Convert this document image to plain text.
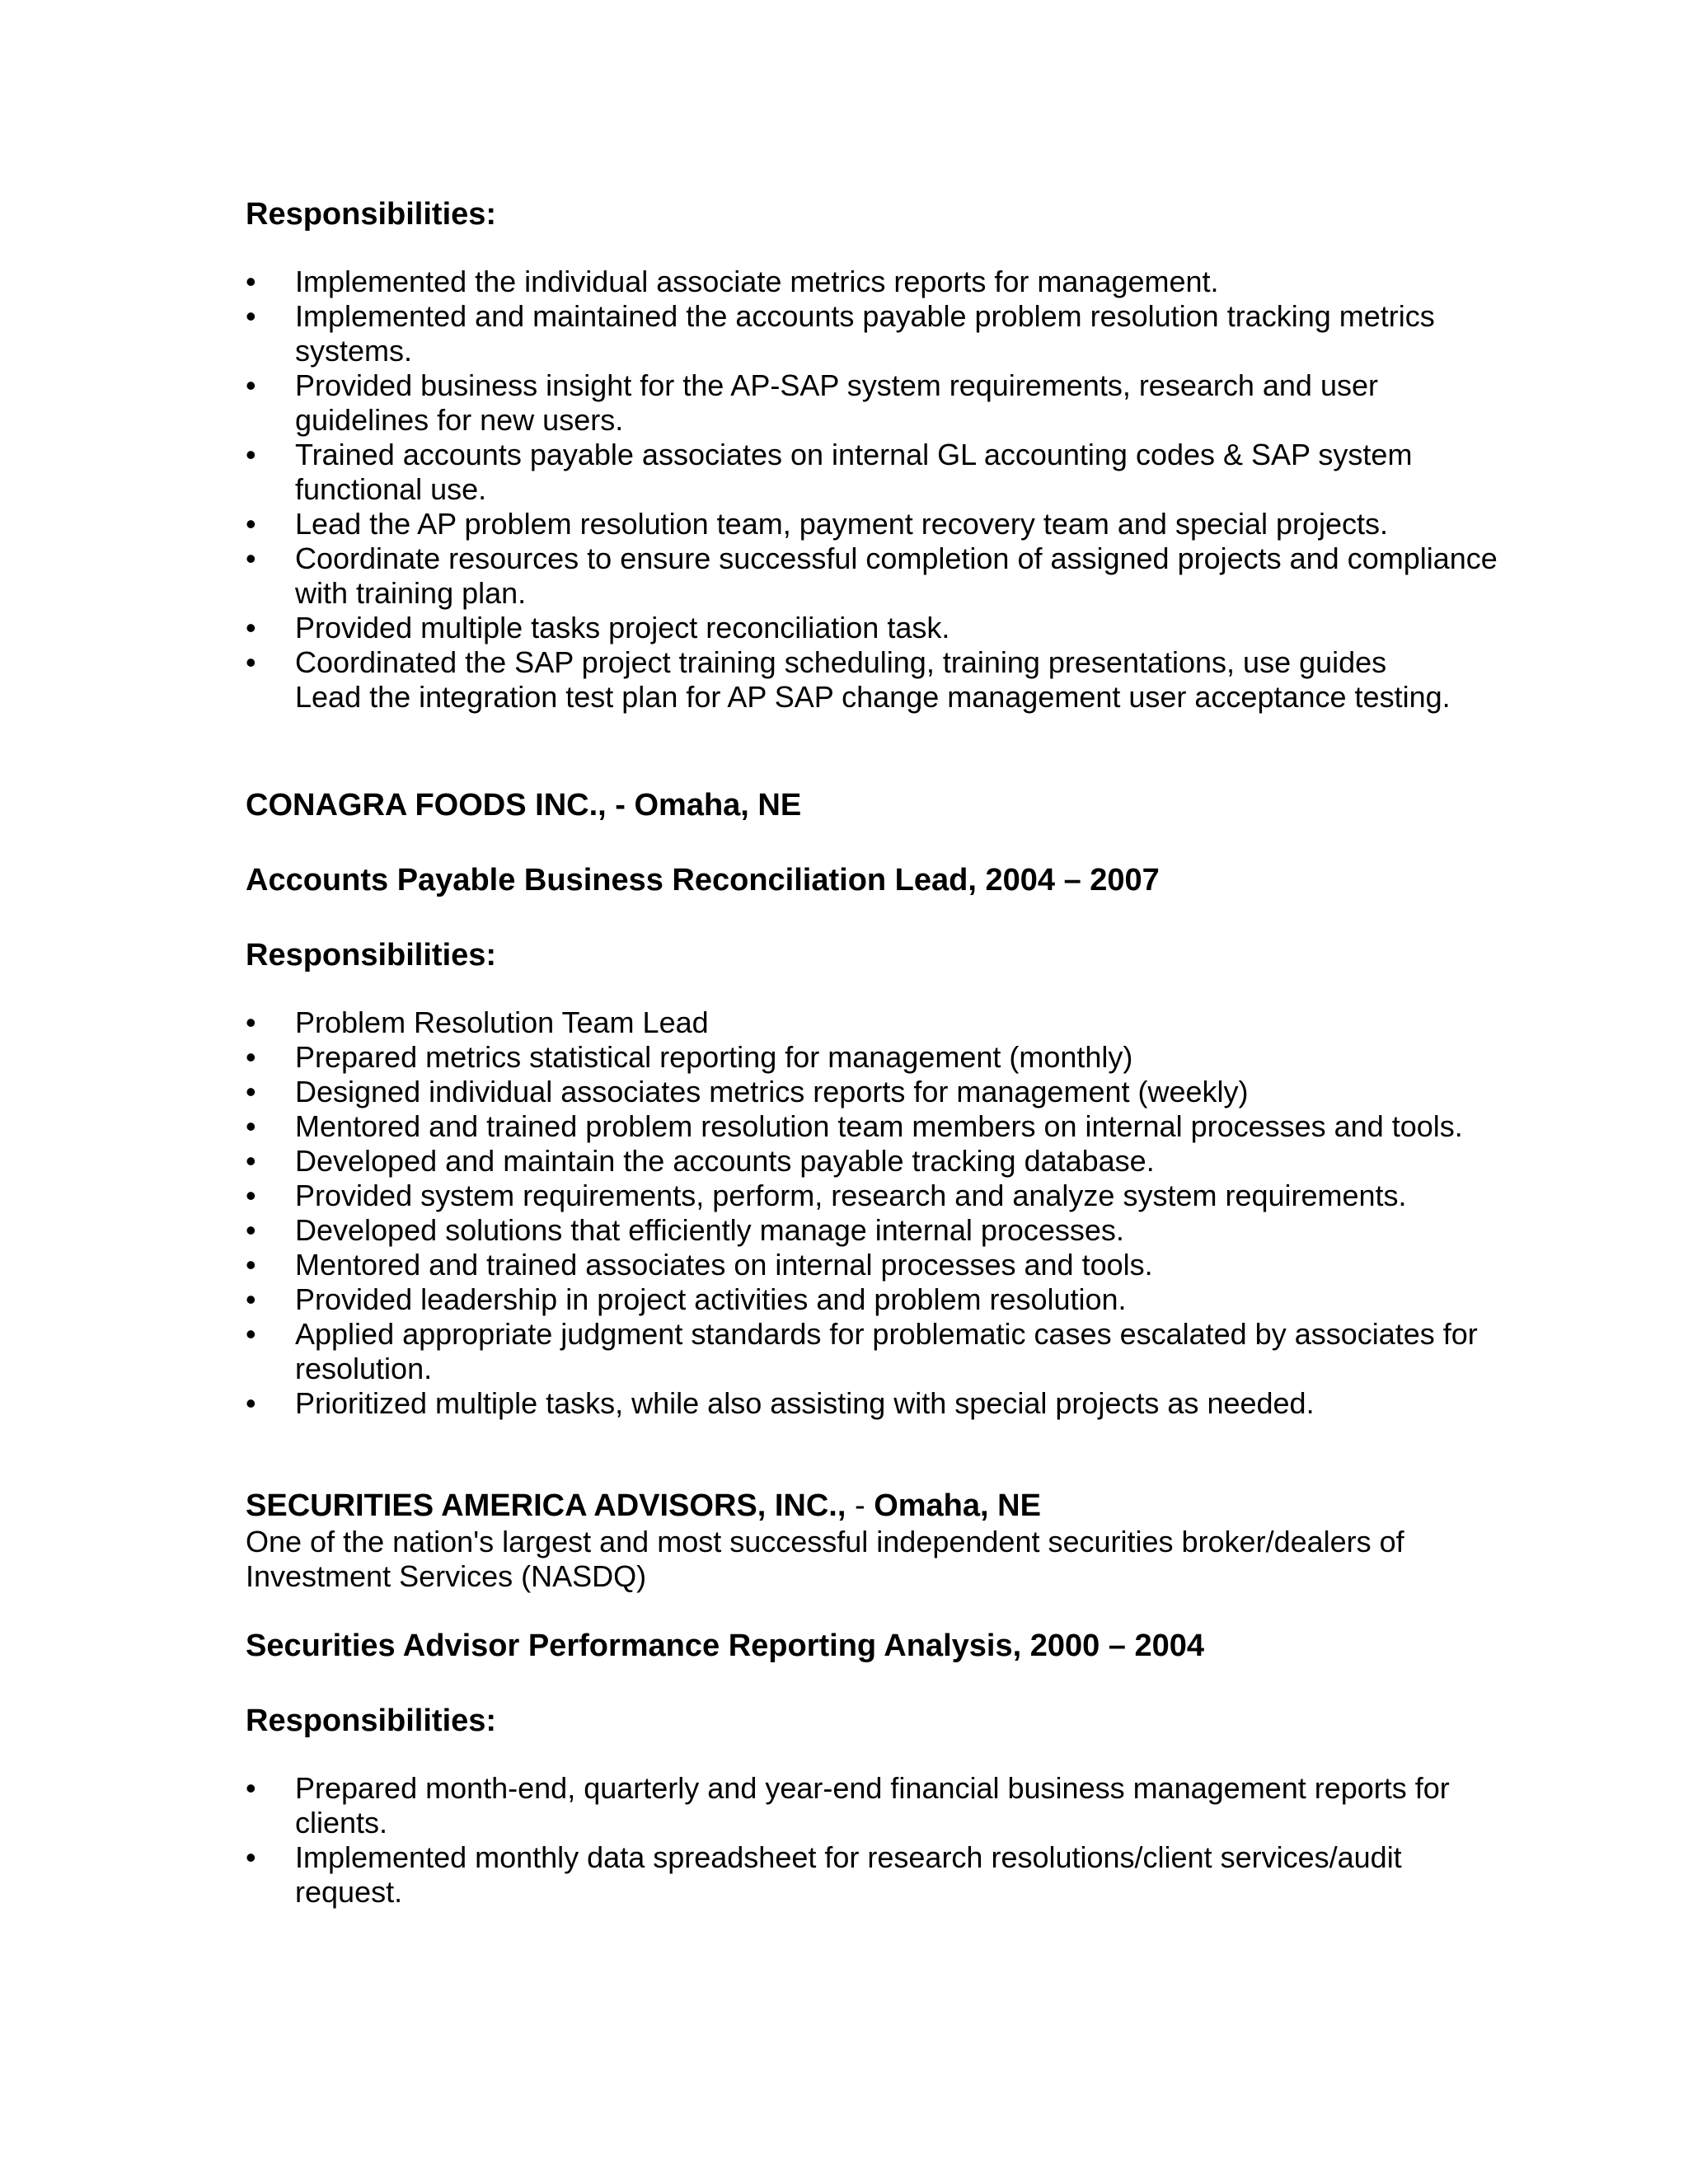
Responsibilities:
•	Implemented the individual associate metrics reports for management.
•	Implemented and maintained the accounts payable problem resolution tracking metrics
systems.
•	Provided business insight for the AP-SAP system requirements, research and user
guidelines for new users.
•	Trained accounts payable associates on internal GL accounting codes & SAP system
functional use.
•	Lead the AP problem resolution team, payment recovery team and special projects.
•	Coordinate resources to ensure successful completion of assigned projects and compliance
with training plan.
•	Provided multiple tasks project reconciliation task.
•	Coordinated the SAP project training scheduling, training presentations, use guides
Lead the integration test plan for AP SAP change management user acceptance testing.
CONAGRA FOODS INC., - Omaha, NE
Accounts Payable Business Reconciliation Lead, 2004 – 2007
Responsibilities:
•	Problem Resolution Team Lead
•	Prepared metrics statistical reporting for management (monthly)
•	Designed individual associates metrics reports for management (weekly)
•	Mentored and trained problem resolution team members on internal processes and tools.
•	Developed and maintain the accounts payable tracking database.
•	Provided system requirements, perform, research and analyze system requirements.
•	Developed solutions that efficiently manage internal processes.
•	Mentored and trained associates on internal processes and tools.
•	Provided leadership in project activities and problem resolution.
•	Applied appropriate judgment standards for problematic cases escalated by associates for
resolution.
•	Prioritized multiple tasks, while also assisting with special projects as needed.
SECURITIES AMERICA ADVISORS, INC., - Omaha, NE
One of the nation's largest and most successful independent securities broker/dealers of
Investment Services (NASDQ)
Securities Advisor Performance Reporting Analysis, 2000 – 2004
Responsibilities:
•	Prepared month-end, quarterly and year-end financial business management reports for
clients.
•	Implemented monthly data spreadsheet for research resolutions/client services/audit
request.
